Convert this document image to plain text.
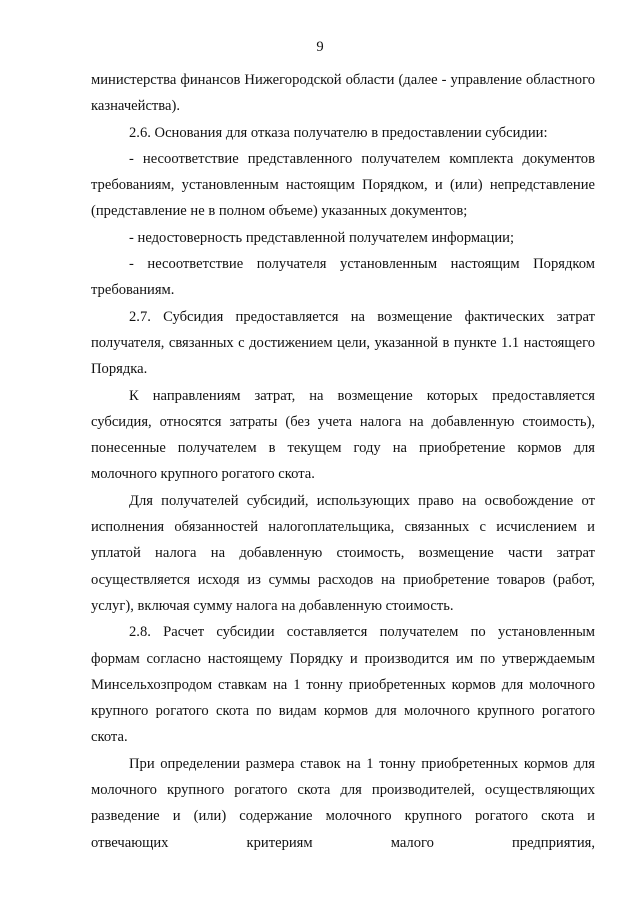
9

министерства финансов Нижегородской области (далее - управление областного казначейства).

2.6. Основания для отказа получателю в предоставлении субсидии:

- несоответствие представленного получателем комплекта документов требованиям, установленным настоящим Порядком, и (или) непредставление (представление не в полном объеме) указанных документов;

- недостоверность представленной получателем информации;

- несоответствие получателя установленным настоящим Порядком требованиям.

2.7. Субсидия предоставляется на возмещение фактических затрат получателя, связанных с достижением цели, указанной в пункте 1.1 настоящего Порядка.

К направлениям затрат, на возмещение которых предоставляется субсидия, относятся затраты (без учета налога на добавленную стоимость), понесенные получателем в текущем году на приобретение кормов для молочного крупного рогатого скота.

Для получателей субсидий, использующих право на освобождение от исполнения обязанностей налогоплательщика, связанных с исчислением и уплатой налога на добавленную стоимость, возмещение части затрат осуществляется исходя из суммы расходов на приобретение товаров (работ, услуг), включая сумму налога на добавленную стоимость.

2.8. Расчет субсидии составляется получателем по установленным формам согласно настоящему Порядку и производится им по утверждаемым Минсельхозпродом ставкам на 1 тонну приобретенных кормов для молочного крупного рогатого скота по видам кормов для молочного крупного рогатого скота.

При определении размера ставок на 1 тонну приобретенных кормов для молочного крупного рогатого скота для производителей, осуществляющих разведение и (или) содержание молочного крупного рогатого скота и отвечающих критериям малого предприятия,
